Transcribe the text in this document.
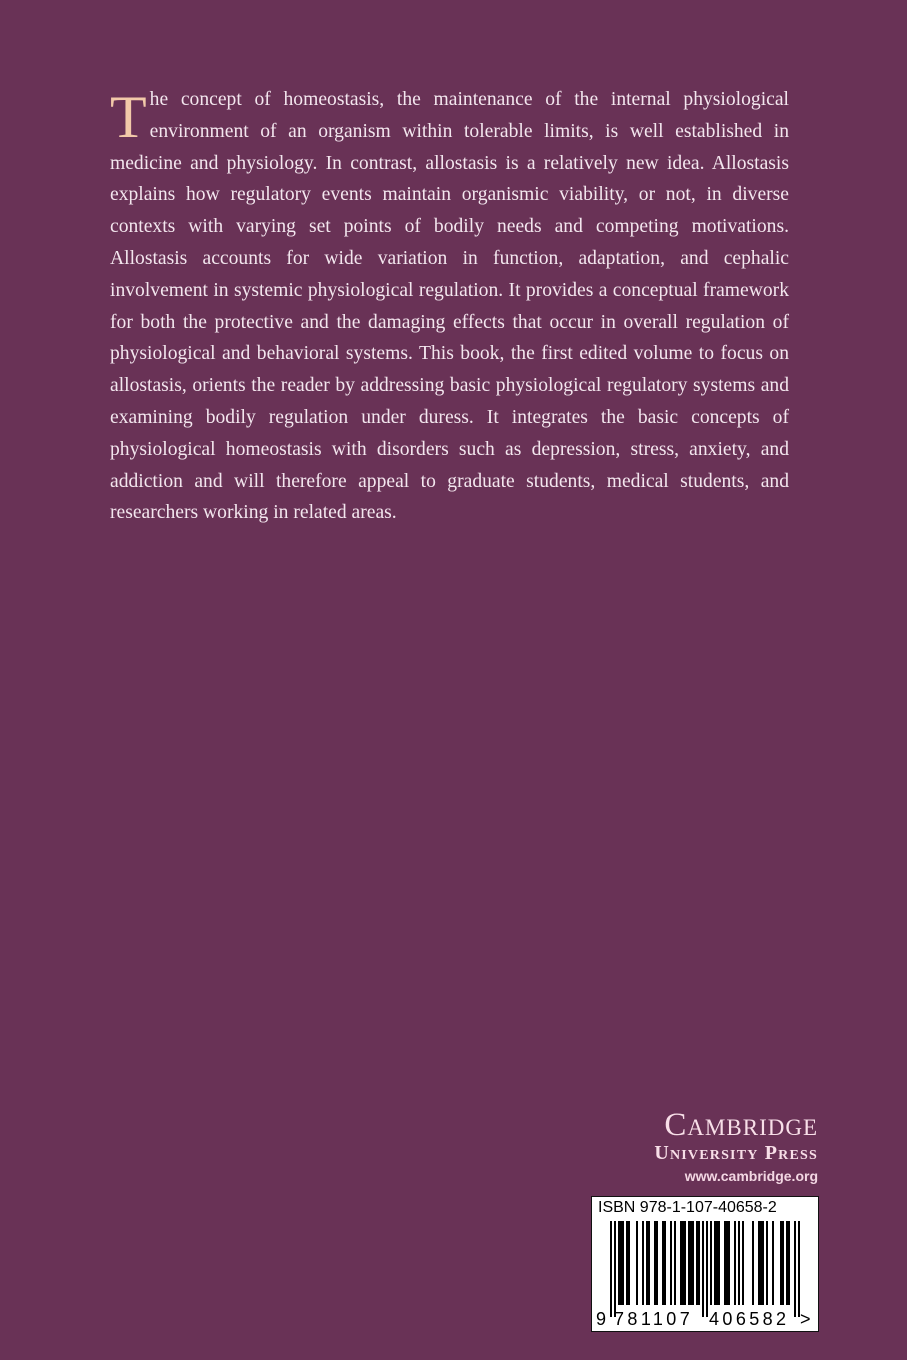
The concept of homeostasis, the maintenance of the internal physiological environment of an organism within tolerable limits, is well established in medicine and physiology. In contrast, allostasis is a relatively new idea. Allostasis explains how regulatory events maintain organismic viability, or not, in diverse contexts with varying set points of bodily needs and competing motivations. Allostasis accounts for wide variation in function, adaptation, and cephalic involvement in systemic physiological regulation. It provides a conceptual framework for both the protective and the damaging effects that occur in overall regulation of physiological and behavioral systems. This book, the first edited volume to focus on allostasis, orients the reader by addressing basic physiological regulatory systems and examining bodily regulation under duress. It integrates the basic concepts of physiological homeostasis with disorders such as depression, stress, anxiety, and addiction and will therefore appeal to graduate students, medical students, and researchers working in related areas.

Cambridge
University Press
www.cambridge.org
ISBN 978-1-107-40658-2
9 781107 406582 >
